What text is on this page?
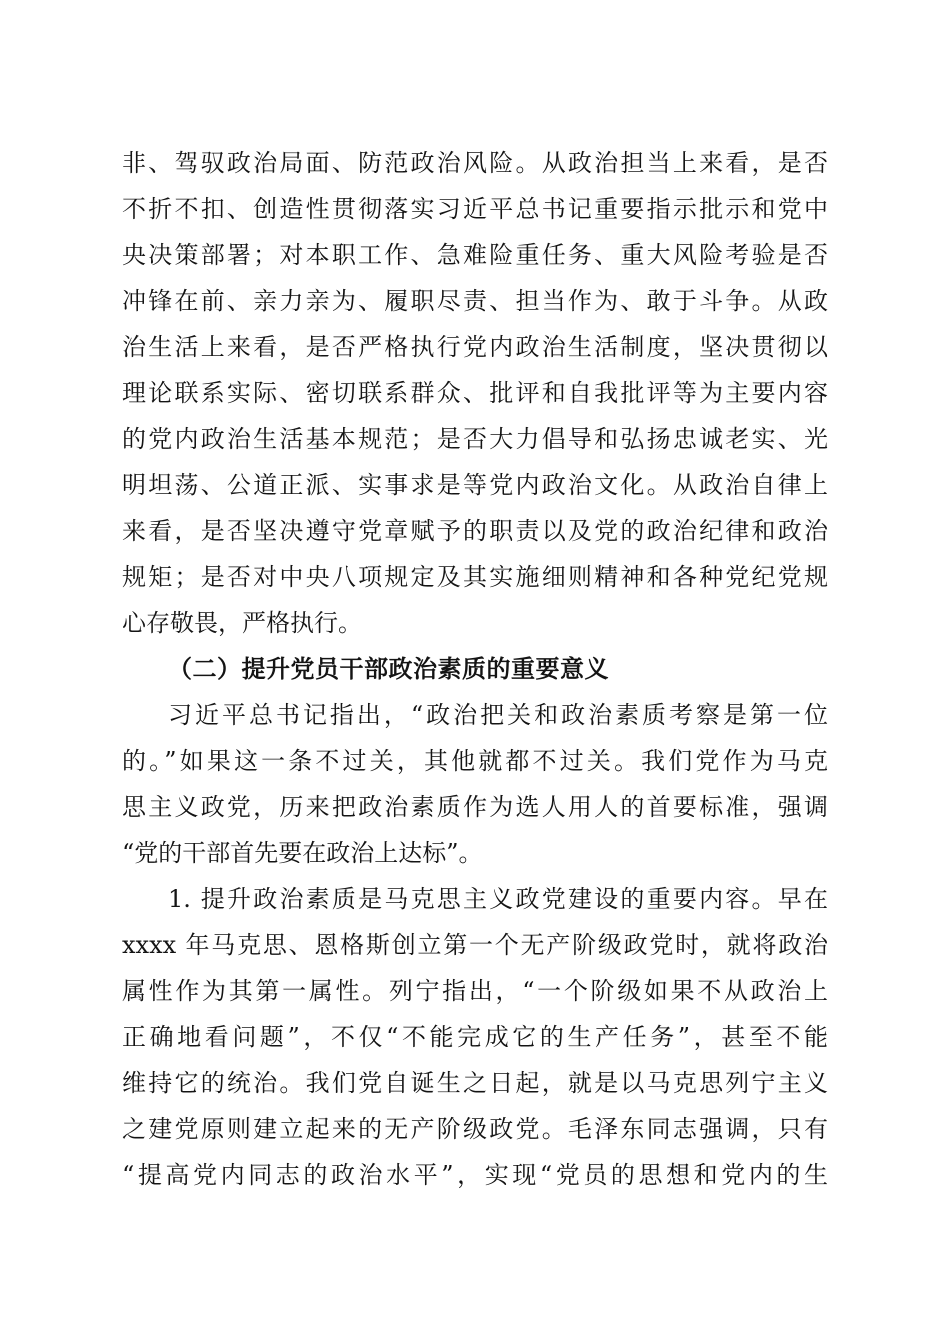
非、驾驭政治局面、防范政治风险。从政治担当上来看，是否
不折不扣、创造性贯彻落实习近平总书记重要指示批示和党中
央决策部署；对本职工作、急难险重任务、重大风险考验是否
冲锋在前、亲力亲为、履职尽责、担当作为、敢于斗争。从政
治生活上来看，是否严格执行党内政治生活制度，坚决贯彻以
理论联系实际、密切联系群众、批评和自我批评等为主要内容
的党内政治生活基本规范；是否大力倡导和弘扬忠诚老实、光
明坦荡、公道正派、实事求是等党内政治文化。从政治自律上
来看，是否坚决遵守党章赋予的职责以及党的政治纪律和政治
规矩；是否对中央八项规定及其实施细则精神和各种党纪党规
心存敬畏，严格执行。
（二）提升党员干部政治素质的重要意义
习近平总书记指出，“政治把关和政治素质考察是第一位
的。”如果这一条不过关，其他就都不过关。我们党作为马克
思主义政党，历来把政治素质作为选人用人的首要标准，强调
“党的干部首先要在政治上达标”。
1. 提升政治素质是马克思主义政党建设的重要内容。早在
xxxx 年马克思、恩格斯创立第一个无产阶级政党时，就将政治
属性作为其第一属性。列宁指出，“一个阶级如果不从政治上
正确地看问题”，不仅“不能完成它的生产任务”，甚至不能
维持它的统治。我们党自诞生之日起，就是以马克思列宁主义
之建党原则建立起来的无产阶级政党。毛泽东同志强调，只有
“提高党内同志的政治水平”，实现“党员的思想和党内的生
